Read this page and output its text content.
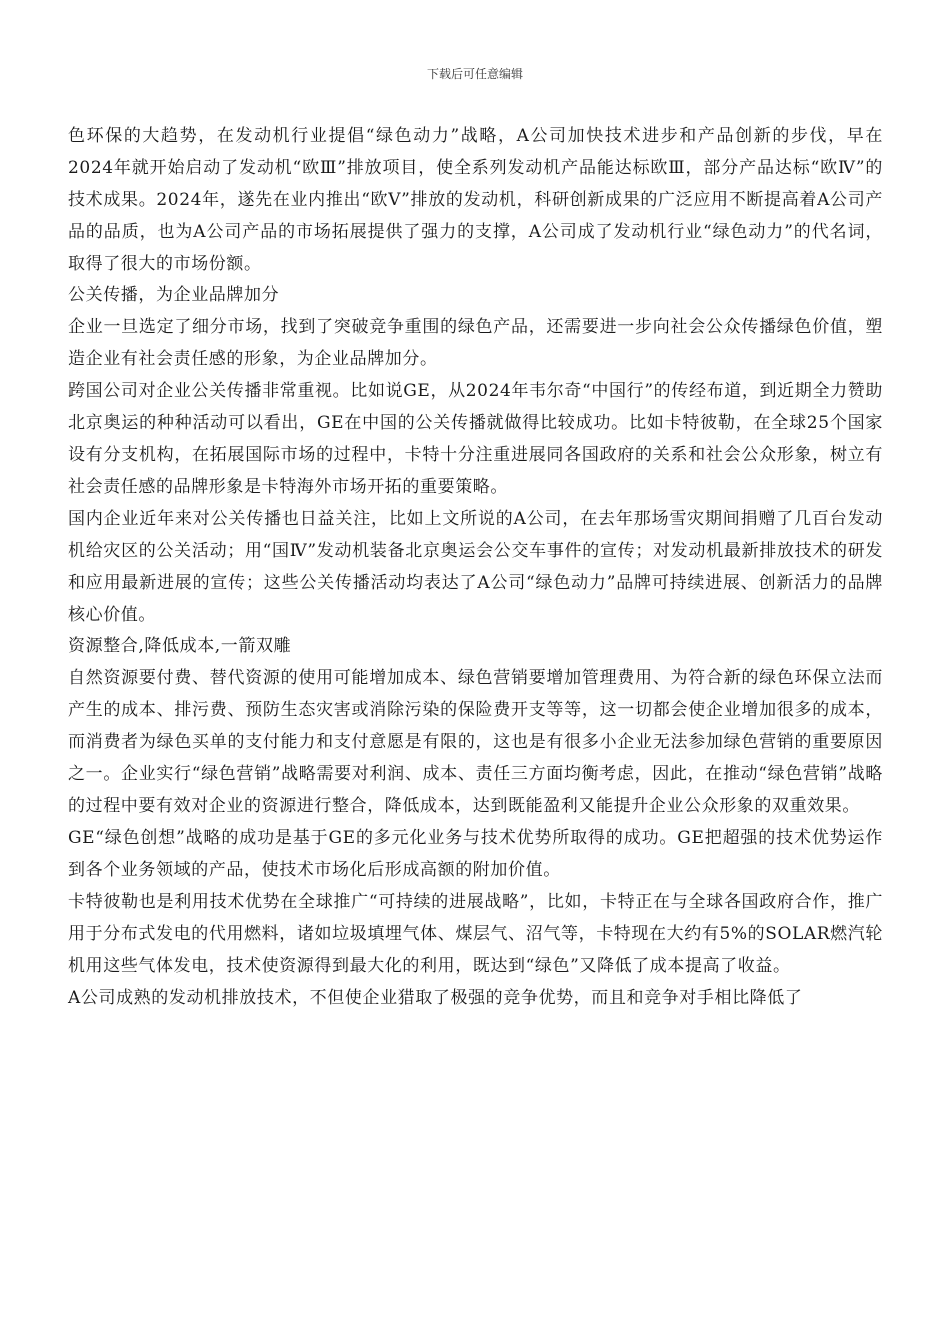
下载后可任意编辑

色环保的大趋势，在发动机行业提倡“绿色动力”战略，A公司加快技术进步和产品创新的步伐，早在2024年就开始启动了发动机“欧Ⅲ”排放项目，使全系列发动机产品能达标欧Ⅲ，部分产品达标“欧Ⅳ”的技术成果。2024年，遂先在业内推出“欧Ⅴ”排放的发动机，科研创新成果的广泛应用不断提高着A公司产品的品质，也为A公司产品的市场拓展提供了强力的支撑，A公司成了发动机行业“绿色动力”的代名词，取得了很大的市场份额。

公关传播，为企业品牌加分

企业一旦选定了细分市场，找到了突破竞争重围的绿色产品，还需要进一步向社会公众传播绿色价值，塑造企业有社会责任感的形象，为企业品牌加分。

跨国公司对企业公关传播非常重视。比如说GE，从2024年韦尔奇“中国行”的传经布道，到近期全力赞助北京奥运的种种活动可以看出，GE在中国的公关传播就做得比较成功。比如卡特彼勒，在全球25个国家设有分支机构，在拓展国际市场的过程中，卡特十分注重进展同各国政府的关系和社会公众形象，树立有社会责任感的品牌形象是卡特海外市场开拓的重要策略。

国内企业近年来对公关传播也日益关注，比如上文所说的A公司，在去年那场雪灾期间捐赠了几百台发动机给灾区的公关活动；用“国Ⅳ”发动机装备北京奥运会公交车事件的宣传；对发动机最新排放技术的研发和应用最新进展的宣传；这些公关传播活动均表达了A公司“绿色动力”品牌可持续进展、创新活力的品牌核心价值。

资源整合,降低成本,一箭双雕

自然资源要付费、替代资源的使用可能增加成本、绿色营销要增加管理费用、为符合新的绿色环保立法而产生的成本、排污费、预防生态灾害或消除污染的保险费开支等等，这一切都会使企业增加很多的成本，而消费者为绿色买单的支付能力和支付意愿是有限的，这也是有很多小企业无法参加绿色营销的重要原因之一。企业实行“绿色营销”战略需要对利润、成本、责任三方面均衡考虑，因此，在推动“绿色营销”战略的过程中要有效对企业的资源进行整合，降低成本，达到既能盈利又能提升企业公众形象的双重效果。

GE“绿色创想”战略的成功是基于GE的多元化业务与技术优势所取得的成功。GE把超强的技术优势运作到各个业务领域的产品，使技术市场化后形成高额的附加价值。

卡特彼勒也是利用技术优势在全球推广“可持续的进展战略”，比如，卡特正在与全球各国政府合作，推广用于分布式发电的代用燃料，诸如垃圾填埋气体、煤层气、沼气等，卡特现在大约有5%的SOLAR燃汽轮机用这些气体发电，技术使资源得到最大化的利用，既达到“绿色”又降低了成本提高了收益。

A公司成熟的发动机排放技术，不但使企业猎取了极强的竞争优势，而且和竞争对手相比降低了
